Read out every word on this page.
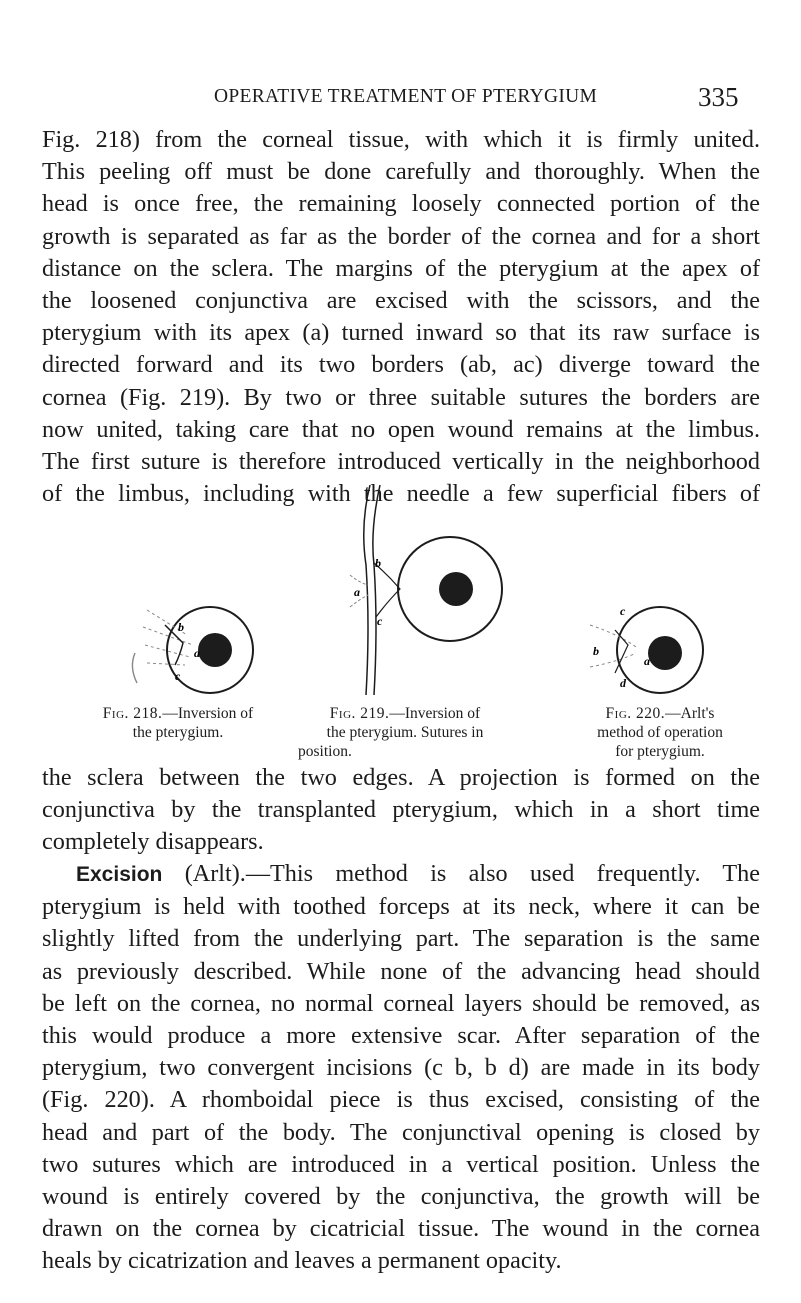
OPERATIVE TREATMENT OF PTERYGIUM	335
Fig. 218) from the corneal tissue, with which it is firmly united.
This peeling off must be done carefully and thoroughly. When the
head is once free, the remaining loosely connected portion of the
growth is separated as far as the border of the cornea and for a short
distance on the sclera. The margins of the pterygium at the apex of
the loosened conjunctiva are excised with the scissors, and the
pterygium with its apex (a) turned inward so that its raw surface is
directed forward and its two borders (ab, ac) diverge toward the
cornea (Fig. 219). By two or three suitable sutures the borders are
now united, taking care that no open wound remains at the limbus.
The first suture is therefore introduced vertically in the neighborhood
of the limbus, including with the needle a few superficial fibers of
b
a
c
b
a
c
c
b
a
d
Fig. 218.—Inversion of
the pterygium.
Fig. 219.—Inversion of
the pterygium. Sutures in
position.
Fig. 220.—Arlt's
method of operation
for pterygium.
the sclera between the two edges. A projection is formed on the
conjunctiva by the transplanted pterygium, which in a short time
completely disappears.
Excision (Arlt).—This method is also used frequently. The
pterygium is held with toothed forceps at its neck, where it can be
slightly lifted from the underlying part. The separation is the same
as previously described. While none of the advancing head should
be left on the cornea, no normal corneal layers should be removed, as
this would produce a more extensive scar. After separation of the
pterygium, two convergent incisions (c b, b d) are made in its body
(Fig. 220). A rhomboidal piece is thus excised, consisting of the
head and part of the body. The conjunctival opening is closed by
two sutures which are introduced in a vertical position. Unless the
wound is entirely covered by the conjunctiva, the growth will be
drawn on the cornea by cicatricial tissue. The wound in the cornea
heals by cicatrization and leaves a permanent opacity.
